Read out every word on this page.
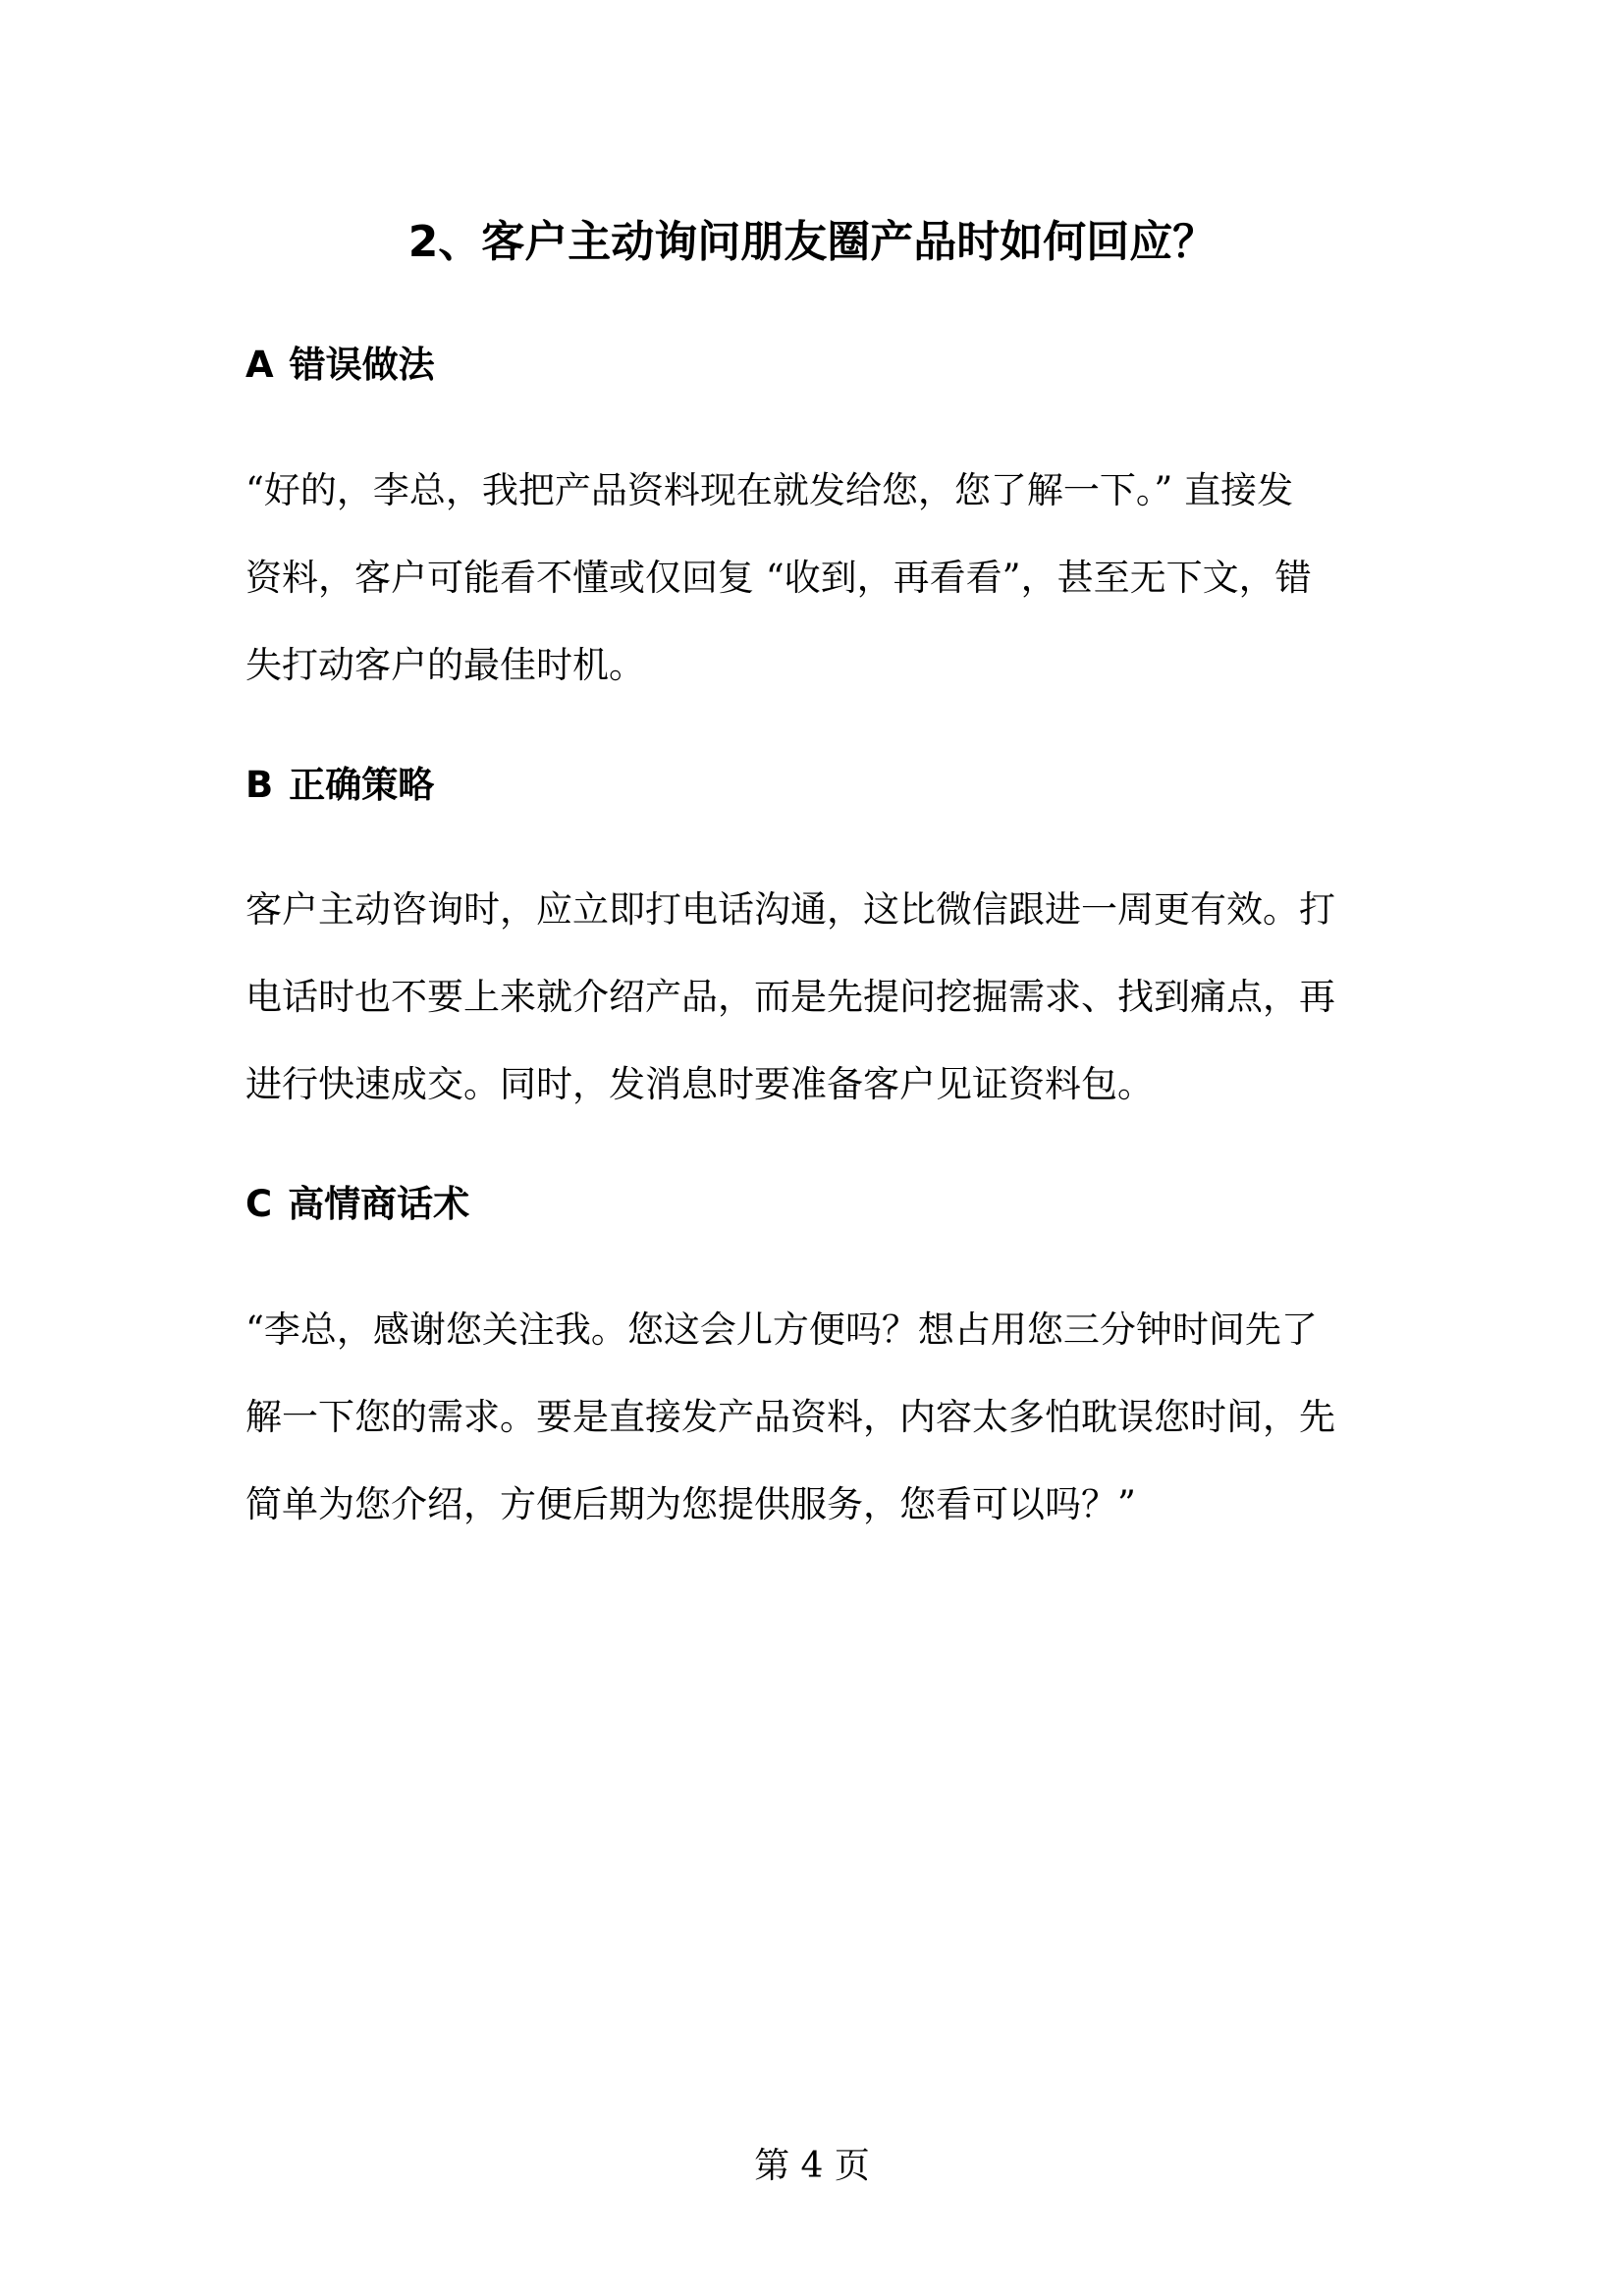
2、客户主动询问朋友圈产品时如何回应？
A 错误做法
“好的，李总，我把产品资料现在就发给您，您了解一下。” 直接发
资料，客户可能看不懂或仅回复 “收到，再看看”，甚至无下文，错
失打动客户的最佳时机。
B 正确策略
客户主动咨询时，应立即打电话沟通，这比微信跟进一周更有效。打
电话时也不要上来就介绍产品，而是先提问挖掘需求、找到痛点，再
进行快速成交。同时，发消息时要准备客户见证资料包。
C 高情商话术
“李总，感谢您关注我。您这会儿方便吗？想占用您三分钟时间先了
解一下您的需求。要是直接发产品资料，内容太多怕耽误您时间，先
简单为您介绍，方便后期为您提供服务，您看可以吗？”
第 4 页
